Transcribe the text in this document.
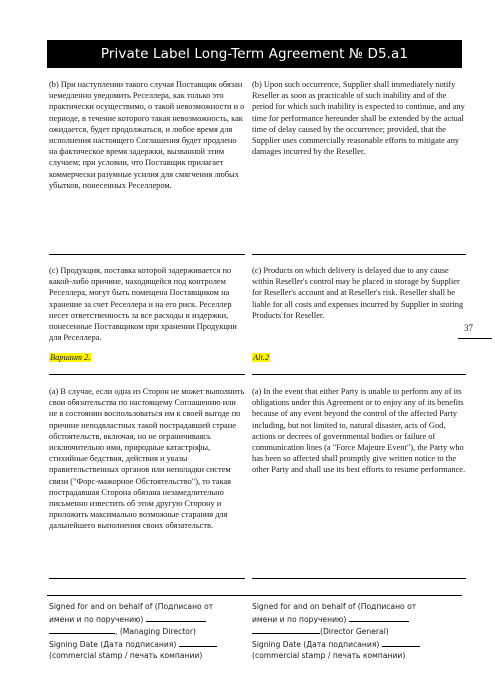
Private Label Long-Term Agreement № D5.a1

(b) При наступлении такого случая Поставщик обязан немедленно уведомить Реселлера, как только это практически осуществимо, о такой невозможности и о периоде, в течение которого такая невозможность, как ожидается, будет продолжаться, и любое время для исполнения настоящего Соглашения будет продлено на фактическое время задержки, вызванной этим случаем; при условии, что Поставщик прилагает коммерчески разумные усилия для смягчения любых убытков, понесенных Реселлером.

(с) Продукция, поставка которой задерживается по какой-либо причине, находящейся под контролем Реселлера, могут быть помещена Поставщиком на хранение за счет Реселлера и на его риск. Реселлер несет ответственность за все расходы и издержки, понесенные Поставщиком при хранении Продукции для Реселлера.

Вариант 2.

(а) В случае, если одна из Сторон не может выполнить свои обязательства по настоящему Соглашению или не в состоянии воспользоваться им к своей выгоде по причине неподвластных такой пострадавшей стране обстоятельств, включая, но не ограничиваясь исключительно ими, природные катастрофы, стихийные бедствия, действия и указы правительственных органов или неполадки систем связи ("Форс-мажорное Обстоятельство"), то такая пострадавшая Сторона обязана незамедлительно письменно известить об этом другую Сторону и приложить максимально возможные старания для дальнейшего выполнения своих обязательств.

(b) Upon such occurrence, Supplier shall immediately notify Reseller as soon as practicable of such inability and of the period for which such inability is expected to continue, and any time for performance hereunder shall be extended by the actual time of delay caused by the occurrence; provided, that the Supplier uses commercially reasonable efforts to mitigate any damages incurred by the Reseller.

(c) Products on which delivery is delayed due to any cause within Reseller's control may be placed in storage by Supplier for Reseller's account and at Reseller's risk. Reseller shall be liable for all costs and expenses incurred by Supplier in storing Products for Reseller.

Alt.2

(a) In the event that either Party is unable to perform any of its obligations under this Agreement or to enjoy any of its benefits because of any event beyond the control of the affected Party including, but not limited to, natural disaster, acts of God, actions or decrees of governmental bodies or failure of communication lines (a "Force Majeure Event"), the Party who has been so affected shall promptly give written notice to the other Party and shall use its best efforts to resume performance.

37
Signed for and on behalf of (Подписано от
имени и по поручению)
, (Managing Director)
Signing Date (Дата подписания)
(commercial stamp / печать компании)
Signed for and on behalf of (Подписано от
имени и по поручению)
(Director General)
Signing Date (Дата подписания)
(commercial stamp / печать компании)
